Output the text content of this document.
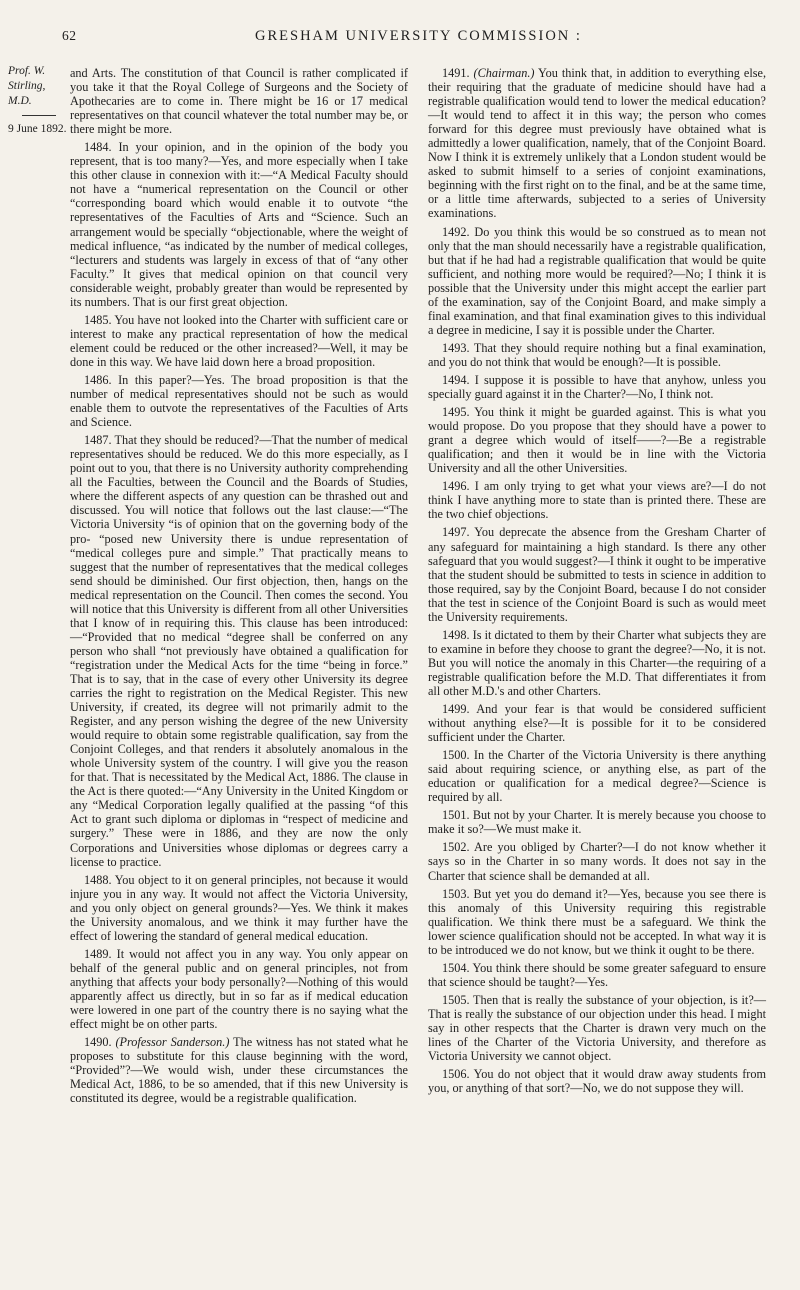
62	GRESHAM UNIVERSITY COMMISSION :
Prof. W. Stirling, M.D.
9 June 1892.

and Arts. The constitution of that Council is rather complicated if you take it that the Royal College of Surgeons and the Society of Apothecaries are to come in. There might be 16 or 17 medical representatives on that council whatever the total number may be, or there might be more.

1484. In your opinion, and in the opinion of the body you represent, that is too many?—Yes, and more especially when I take this other clause in connexion with it:—“A Medical Faculty should not have a “numerical representation on the Council or other “corresponding board which would enable it to outvote “the representatives of the Faculties of Arts and “Science. Such an arrangement would be specially “objectionable, where the weight of medical influence, “as indicated by the number of medical colleges, “lecturers and students was largely in excess of that of “any other Faculty.” It gives that medical opinion on that council very considerable weight, probably greater than would be represented by its numbers. That is our first great objection.

1485. You have not looked into the Charter with sufficient care or interest to make any practical representation of how the medical element could be reduced or the other increased?—Well, it may be done in this way. We have laid down here a broad proposition.

1486. In this paper?—Yes. The broad proposition is that the number of medical representatives should not be such as would enable them to outvote the representatives of the Faculties of Arts and Science.

1487. That they should be reduced?—That the number of medical representatives should be reduced. We do this more especially, as I point out to you, that there is no University authority comprehending all the Faculties, between the Council and the Boards of Studies, where the different aspects of any question can be thrashed out and discussed. You will notice that follows out the last clause:—“The Victoria University “is of opinion that on the governing body of the pro- “posed new University there is undue representation of “medical colleges pure and simple.” That practically means to suggest that the number of representatives that the medical colleges send should be diminished. Our first objection, then, hangs on the medical representation on the Council. Then comes the second. You will notice that this University is different from all other Universities that I know of in requiring this. This clause has been introduced:—“Provided that no medical “degree shall be conferred on any person who shall “not previously have obtained a qualification for “registration under the Medical Acts for the time “being in force.” That is to say, that in the case of every other University its degree carries the right to registration on the Medical Register. This new University, if created, its degree will not primarily admit to the Register, and any person wishing the degree of the new University would require to obtain some registrable qualification, say from the Conjoint Colleges, and that renders it absolutely anomalous in the whole University system of the country. I will give you the reason for that. That is necessitated by the Medical Act, 1886. The clause in the Act is there quoted:—“Any University in the United Kingdom or any “Medical Corporation legally qualified at the passing “of this Act to grant such diploma or diplomas in “respect of medicine and surgery.” These were in 1886, and they are now the only Corporations and Universities whose diplomas or degrees carry a license to practice.

1488. You object to it on general principles, not because it would injure you in any way. It would not affect the Victoria University, and you only object on general grounds?—Yes. We think it makes the University anomalous, and we think it may further have the effect of lowering the standard of general medical education.

1489. It would not affect you in any way. You only appear on behalf of the general public and on general principles, not from anything that affects your body personally?—Nothing of this would apparently affect us directly, but in so far as if medical education were lowered in one part of the country there is no saying what the effect might be on other parts.

1490. (Professor Sanderson.) The witness has not stated what he proposes to substitute for this clause beginning with the word, “Provided”?—We would wish, under these circumstances the Medical Act, 1886, to be so amended, that if this new University is constituted its degree, would be a registrable qualification.

1491. (Chairman.) You think that, in addition to everything else, their requiring that the graduate of medicine should have had a registrable qualification would tend to lower the medical education?—It would tend to affect it in this way; the person who comes forward for this degree must previously have obtained what is admittedly a lower qualification, namely, that of the Conjoint Board. Now I think it is extremely unlikely that a London student would be asked to submit himself to a series of conjoint examinations, beginning with the first right on to the final, and be at the same time, or a little time afterwards, subjected to a series of University examinations.

1492. Do you think this would be so construed as to mean not only that the man should necessarily have a registrable qualification, but that if he had had a registrable qualification that would be quite sufficient, and nothing more would be required?—No; I think it is possible that the University under this might accept the earlier part of the examination, say of the Conjoint Board, and make simply a final examination, and that final examination gives to this individual a degree in medicine, I say it is possible under the Charter.

1493. That they should require nothing but a final examination, and you do not think that would be enough?—It is possible.

1494. I suppose it is possible to have that anyhow, unless you specially guard against it in the Charter?—No, I think not.

1495. You think it might be guarded against. This is what you would propose. Do you propose that they should have a power to grant a degree which would of itself——?—Be a registrable qualification; and then it would be in line with the Victoria University and all the other Universities.

1496. I am only trying to get what your views are?—I do not think I have anything more to state than is printed there. These are the two chief objections.

1497. You deprecate the absence from the Gresham Charter of any safeguard for maintaining a high standard. Is there any other safeguard that you would suggest?—I think it ought to be imperative that the student should be submitted to tests in science in addition to those required, say by the Conjoint Board, because I do not consider that the test in science of the Conjoint Board is such as would meet the University requirements.

1498. Is it dictated to them by their Charter what subjects they are to examine in before they choose to grant the degree?—No, it is not. But you will notice the anomaly in this Charter—the requiring of a registrable qualification before the M.D. That differentiates it from all other M.D.'s and other Charters.

1499. And your fear is that would be considered sufficient without anything else?—It is possible for it to be considered sufficient under the Charter.

1500. In the Charter of the Victoria University is there anything said about requiring science, or anything else, as part of the education or qualification for a medical degree?—Science is required by all.

1501. But not by your Charter. It is merely because you choose to make it so?—We must make it.

1502. Are you obliged by Charter?—I do not know whether it says so in the Charter in so many words. It does not say in the Charter that science shall be demanded at all.

1503. But yet you do demand it?—Yes, because you see there is this anomaly of this University requiring this registrable qualification. We think there must be a safeguard. We think the lower science qualification should not be accepted. In what way it is to be introduced we do not know, but we think it ought to be there.

1504. You think there should be some greater safeguard to ensure that science should be taught?—Yes.

1505. Then that is really the substance of your objection, is it?—That is really the substance of our objection under this head. I might say in other respects that the Charter is drawn very much on the lines of the Charter of the Victoria University, and therefore as Victoria University we cannot object.

1506. You do not object that it would draw away students from you, or anything of that sort?—No, we do not suppose they will.
